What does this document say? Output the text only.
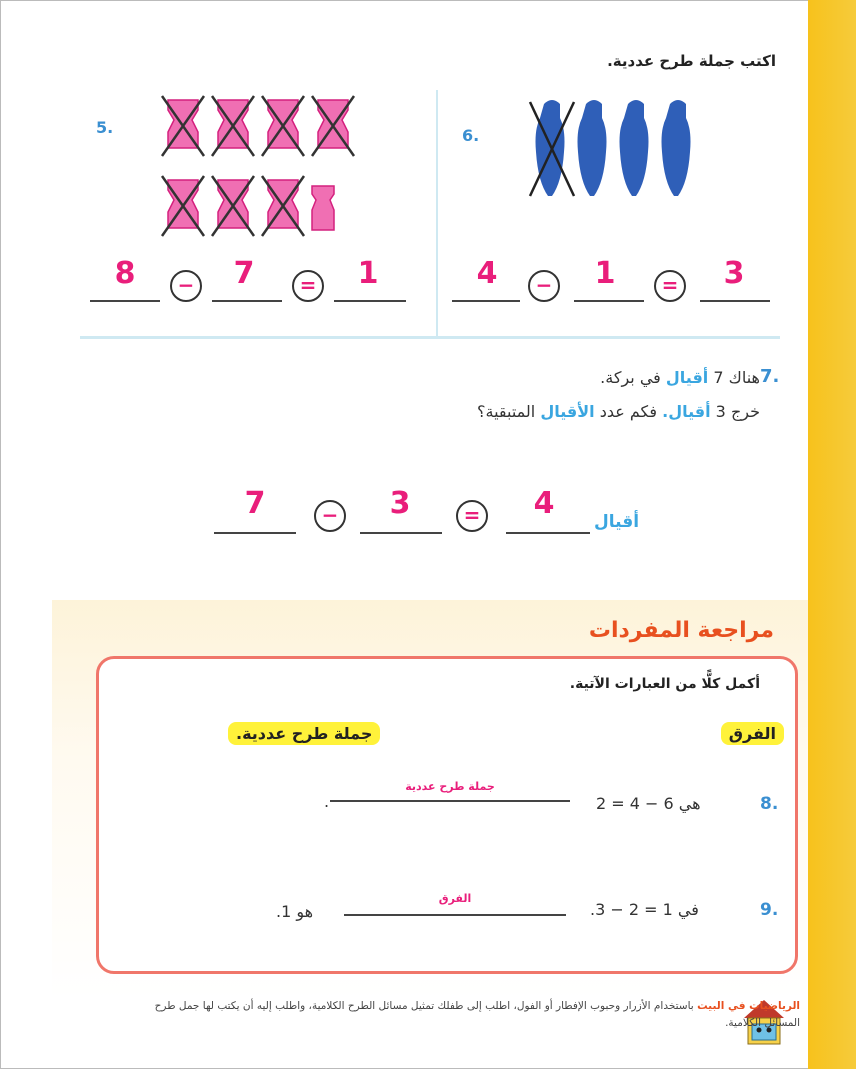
اكتب جملة طرح عددية.
5.
8	−	7	=	1
6.
4	−	1	=	3
7.
هناك 7 أقيال في بركة.
خرج 3 أقيال. فكم عدد الأقيال المتبقية؟
7	−	3	=	4
أقيال
مراجعة المفردات
أكمل كلًّا من العبارات الآتية.
الفرق
جملة طرح عددية.
8.
2 = 4 − 6 هي
جملة طرح عددية
.
9.
في 1 = 2 − 3.
الفرق
هو 1.
الرياضيات في البيت باستخدام الأزرار وحبوب الإفطار أو الفول، اطلب إلى طفلك تمثيل مسائل الطرح الكلامية، واطلب إليه أن يكتب لها جمل طرح المسائل الكلامية.
